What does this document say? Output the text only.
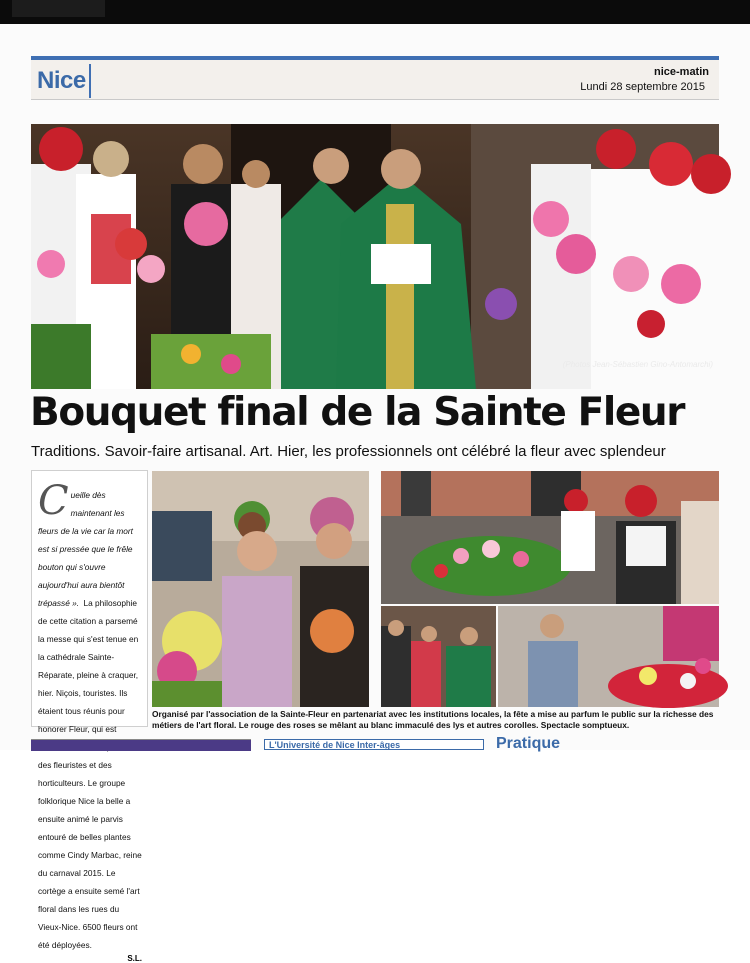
Nice	nice-matin
Lundi 28 septembre 2015
(Photos Jean-Sébastien Gino-Antomarchi)
Bouquet final de la Sainte Fleur
Traditions. Savoir-faire artisanal. Art. Hier, les professionnels ont célébré la fleur avec splendeur
C ueille dès maintenant les fleurs de la vie car la mort est si pressée que le frêle bouton qui s'ouvre aujourd'hui aura bientôt trépassé ». La philosophie de cette citation a parsemé la messe qui s'est tenue en la cathédrale Sainte-Réparate, pleine à craquer, hier. Niçois, touristes. Ils étaient tous réunis pour honorer Fleur, qui est des fleuristes et des horticulteurs. Le groupe folklorique Nice la belle a ensuite animé le parvis entouré de belles plantes comme Cindy Marbac, reine du carnaval 2015. Le cortège a ensuite semé l'art floral dans les rues du Vieux-Nice. 6500 fleurs ont été déployées.
S.L.
Organisé par l'association de la Sainte-Fleur en partenariat avec les institutions locales, la fête a mise au parfum le public sur la richesse des métiers de l'art floral. Le rouge des roses se mêlant au blanc immaculé des lys et autres corolles. Spectacle somptueux.
L'Université de Nice Inter-âges	Pratique
